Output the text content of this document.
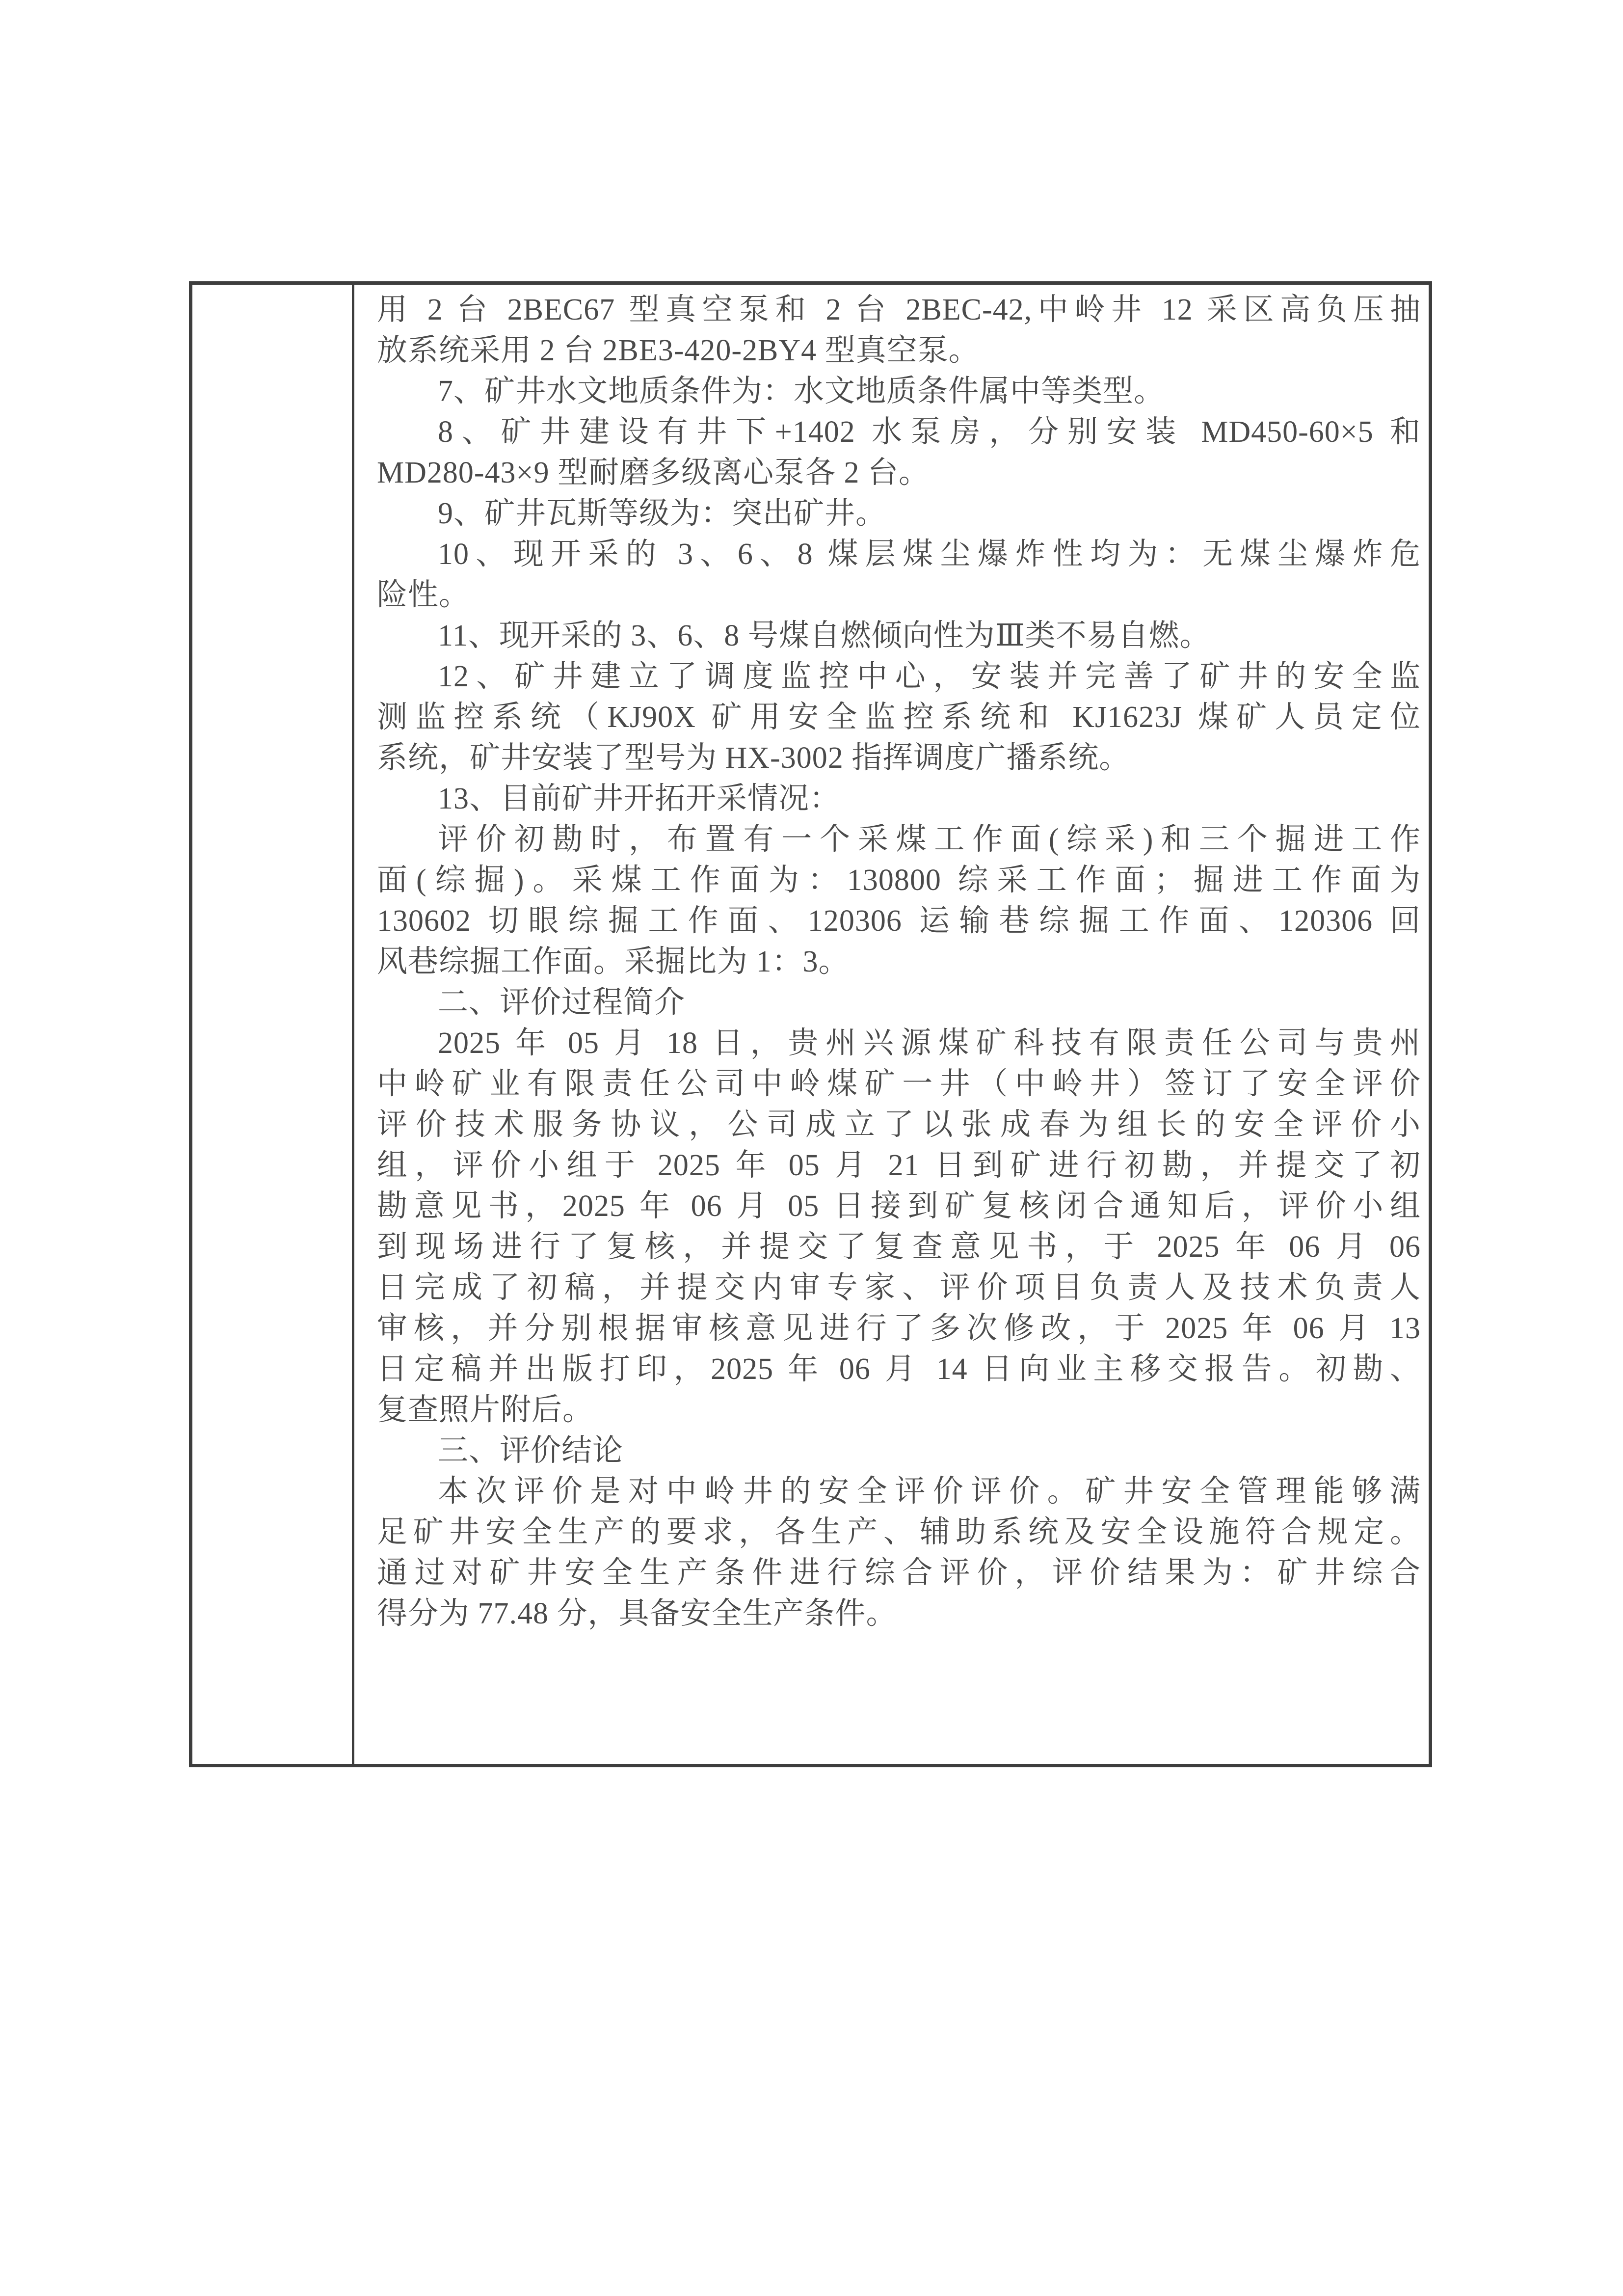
用 2 台 2BEC67 型真空泵和 2 台 2BEC-42,中岭井 12 采区高负压抽
放系统采用 2 台 2BE3-420-2BY4 型真空泵。
7、矿井水文地质条件为：水文地质条件属中等类型。
8、矿井建设有井下+1402 水泵房，分别安装 MD450-60×5 和
MD280-43×9 型耐磨多级离心泵各 2 台。
9、矿井瓦斯等级为：突出矿井。
10、现开采的 3、6、8 煤层煤尘爆炸性均为：无煤尘爆炸危
险性。
11、现开采的 3、6、8 号煤自燃倾向性为Ⅲ类不易自燃。
12、矿井建立了调度监控中心，安装并完善了矿井的安全监
测监控系统（KJ90X 矿用安全监控系统和 KJ1623J 煤矿人员定位
系统，矿井安装了型号为 HX-3002 指挥调度广播系统。
13、目前矿井开拓开采情况：
评价初勘时，布置有一个采煤工作面(综采)和三个掘进工作
面(综掘)。采煤工作面为：130800 综采工作面；掘进工作面为
130602 切眼综掘工作面、120306 运输巷综掘工作面、120306 回
风巷综掘工作面。采掘比为 1：3。
二、评价过程简介
2025 年 05 月 18 日，贵州兴源煤矿科技有限责任公司与贵州
中岭矿业有限责任公司中岭煤矿一井（中岭井）签订了安全评价
评价技术服务协议，公司成立了以张成春为组长的安全评价小
组，评价小组于 2025 年 05 月 21 日到矿进行初勘，并提交了初
勘意见书，2025 年 06 月 05 日接到矿复核闭合通知后，评价小组
到现场进行了复核，并提交了复查意见书，于 2025 年 06 月 06
日完成了初稿，并提交内审专家、评价项目负责人及技术负责人
审核，并分别根据审核意见进行了多次修改，于 2025 年 06 月 13
日定稿并出版打印，2025 年 06 月 14 日向业主移交报告。初勘、
复查照片附后。
三、评价结论
本次评价是对中岭井的安全评价评价。矿井安全管理能够满
足矿井安全生产的要求，各生产、辅助系统及安全设施符合规定。
通过对矿井安全生产条件进行综合评价，评价结果为：矿井综合
得分为 77.48 分，具备安全生产条件。
